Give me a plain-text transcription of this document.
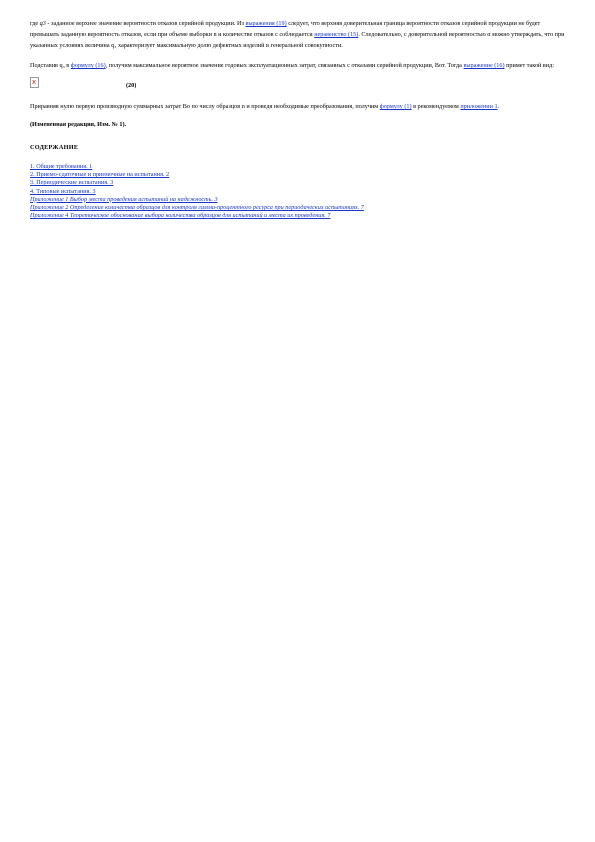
где q3 - заданное верхнее значение вероятности отказов серийной продукции. Из выражения (19) следует, что верхняя доверительная граница вероятности отказов серийной продукции не будет превышать заданную вероятность отказов, если при объеме выборки n и количестве отказов с соблюдается неравенство (15). Следовательно, с доверительной вероятностью α можно утверждать, что при указанных условиях величина q₃ характеризует максимальную долю дефектных изделий в генеральной совокупности.

Подставив q₃ в формулу (16), получим максимальное вероятное значение годовых эксплуатационных затрат, связанных с отказами серийной продукции, Вот. Тогда выражение (16) примет такой вид:

x	(20)

Приравняв нулю первую производную суммарных затрат Во по числу образцов n и проведя необходимые преобразования, получим формулу (1) в рекомендуемом приложении 1.

(Измененная редакция, Изм. № 1).

СОДЕРЖАНИЕ

1. Общие требования. 1
2. Приемо-сдаточные и приемочные на испытания. 2
3. Периодические испытания. 3
4. Типовые испытания. 3
Приложение 1 Выбор места проведения испытаний на надежность. 3
Приложение 2 Определение количества образцов для контроля гамма-процентного ресурса при периодических испытаниях. 7
Приложение 4 Теоретическое обоснование выбора количества образцов для испытаний и места их проведения. 7
